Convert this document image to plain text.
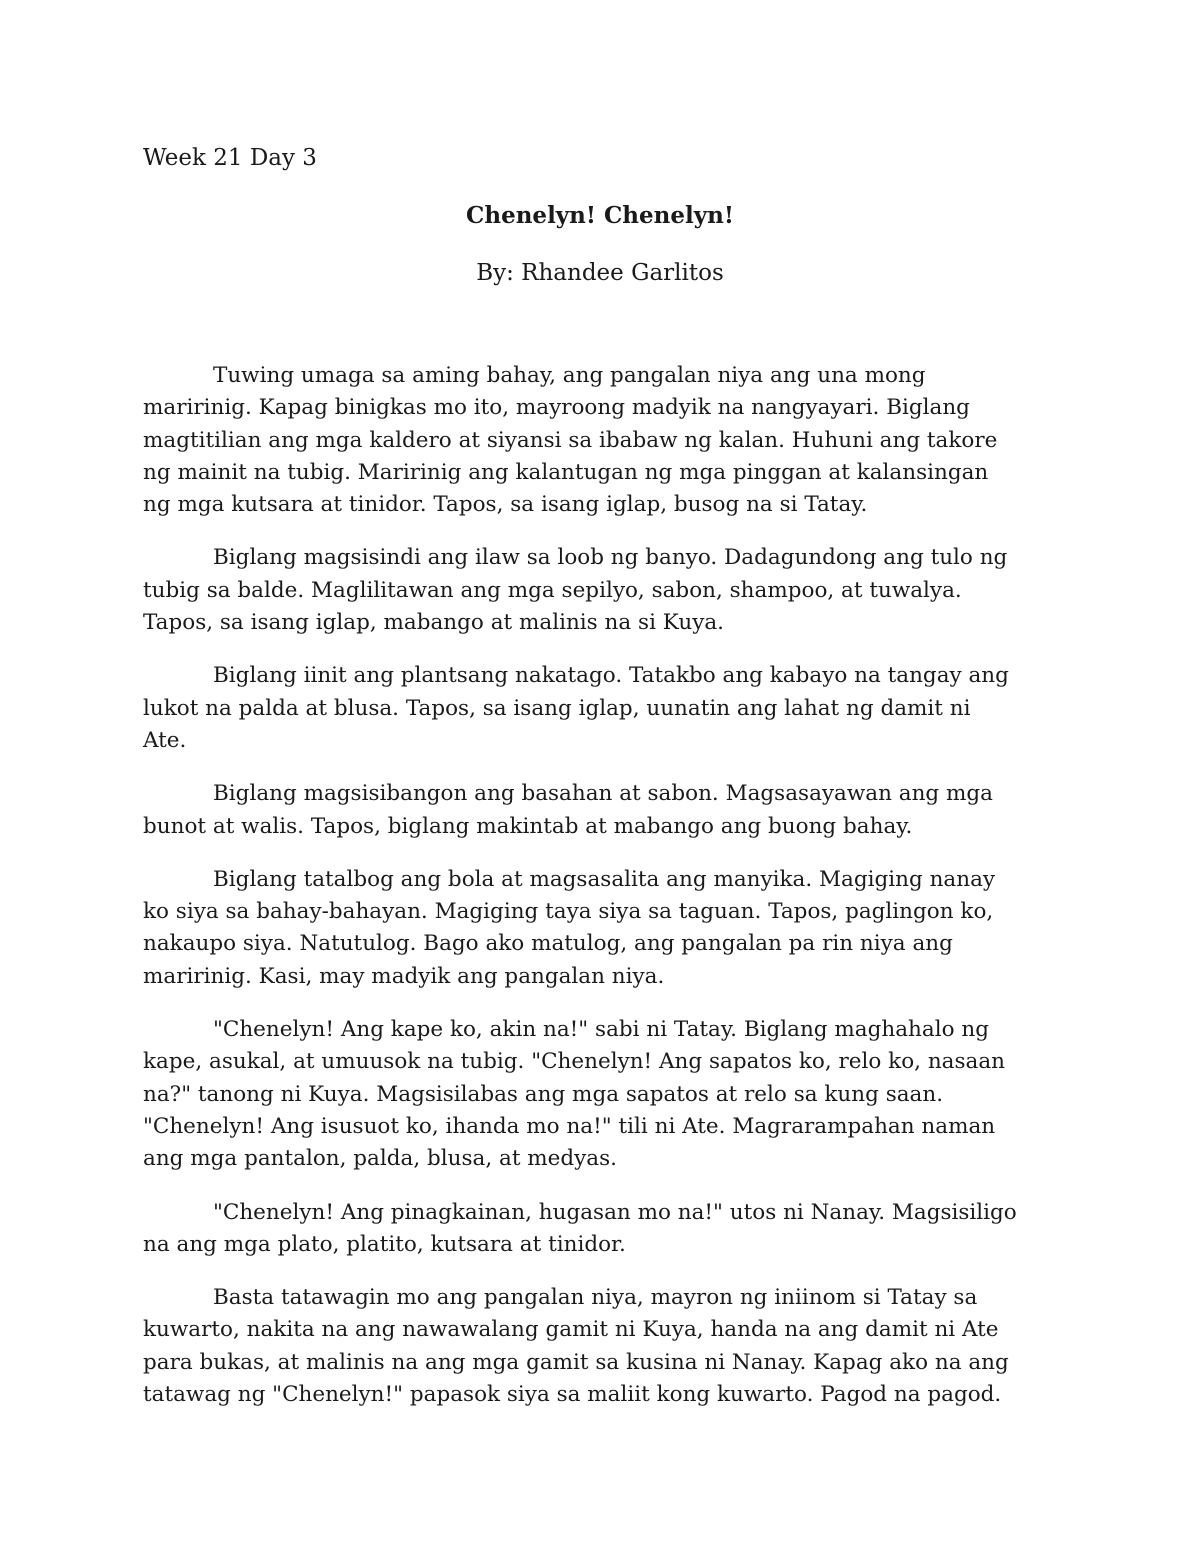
Week 21 Day 3
Chenelyn! Chenelyn!
By: Rhandee Garlitos
Tuwing umaga sa aming bahay, ang pangalan niya ang una mong
maririnig. Kapag binigkas mo ito, mayroong madyik na nangyayari. Biglang
magtitilian ang mga kaldero at siyansi sa ibabaw ng kalan. Huhuni ang takore
ng mainit na tubig. Maririnig ang kalantugan ng mga pinggan at kalansingan
ng mga kutsara at tinidor. Tapos, sa isang iglap, busog na si Tatay.
Biglang magsisindi ang ilaw sa loob ng banyo. Dadagundong ang tulo ng
tubig sa balde. Maglilitawan ang mga sepilyo, sabon, shampoo, at tuwalya.
Tapos, sa isang iglap, mabango at malinis na si Kuya.
Biglang iinit ang plantsang nakatago. Tatakbo ang kabayo na tangay ang
lukot na palda at blusa. Tapos, sa isang iglap, uunatin ang lahat ng damit ni
Ate.
Biglang magsisibangon ang basahan at sabon. Magsasayawan ang mga
bunot at walis. Tapos, biglang makintab at mabango ang buong bahay.
Biglang tatalbog ang bola at magsasalita ang manyika. Magiging nanay
ko siya sa bahay-bahayan. Magiging taya siya sa taguan. Tapos, paglingon ko,
nakaupo siya. Natutulog. Bago ako matulog, ang pangalan pa rin niya ang
maririnig. Kasi, may madyik ang pangalan niya.
"Chenelyn! Ang kape ko, akin na!" sabi ni Tatay. Biglang maghahalo ng
kape, asukal, at umuusok na tubig. "Chenelyn! Ang sapatos ko, relo ko, nasaan
na?" tanong ni Kuya. Magsisilabas ang mga sapatos at relo sa kung saan.
"Chenelyn! Ang isusuot ko, ihanda mo na!" tili ni Ate. Magrarampahan naman
ang mga pantalon, palda, blusa, at medyas.
"Chenelyn! Ang pinagkainan, hugasan mo na!" utos ni Nanay. Magsisiligo
na ang mga plato, platito, kutsara at tinidor.
Basta tatawagin mo ang pangalan niya, mayron ng iniinom si Tatay sa
kuwarto, nakita na ang nawawalang gamit ni Kuya, handa na ang damit ni Ate
para bukas, at malinis na ang mga gamit sa kusina ni Nanay. Kapag ako na ang
tatawag ng "Chenelyn!" papasok siya sa maliit kong kuwarto. Pagod na pagod.
